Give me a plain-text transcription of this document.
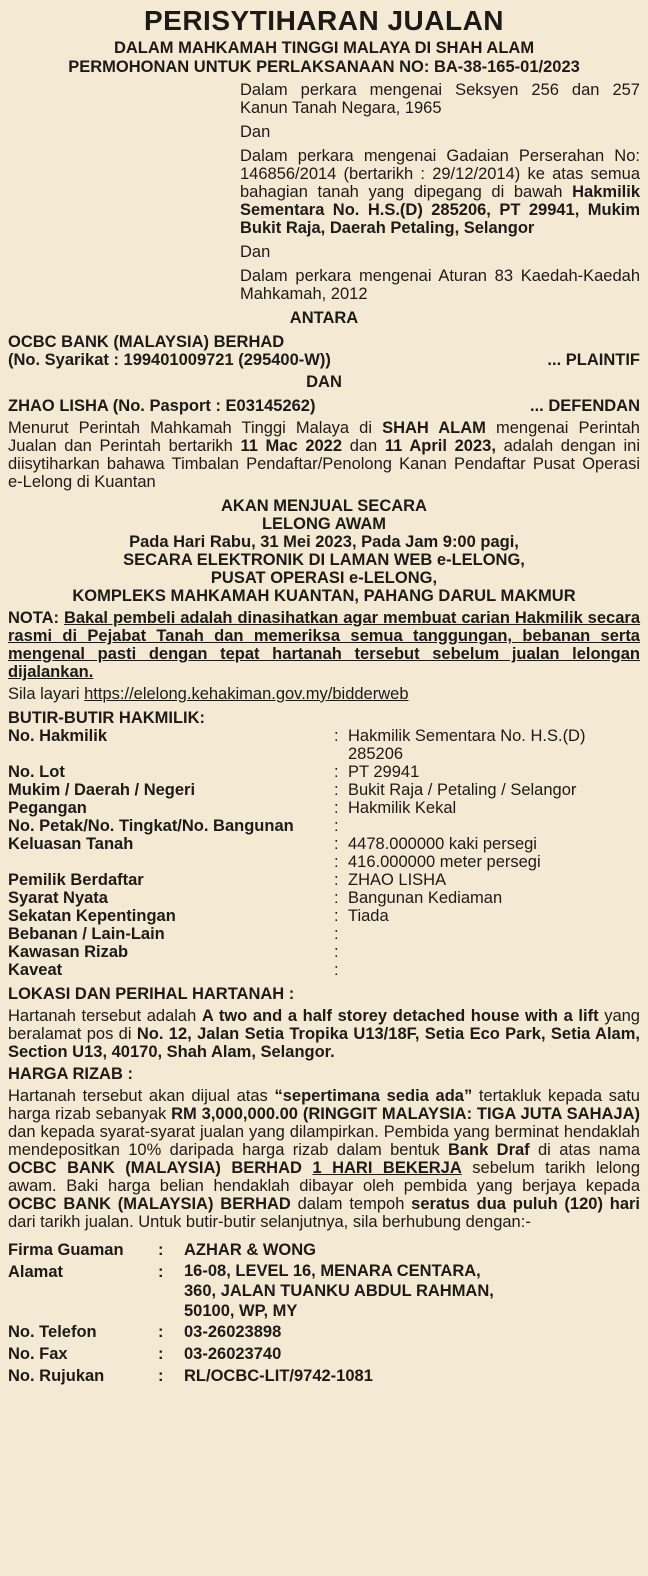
PERISYTIHARAN JUALAN
DALAM MAHKAMAH TINGGI MALAYA DI SHAH ALAM
PERMOHONAN UNTUK PERLAKSANAAN NO: BA-38-165-01/2023

Dalam perkara mengenai Seksyen 256 dan 257 Kanun Tanah Negara, 1965

Dan

Dalam perkara mengenai Gadaian Perserahan No: 146856/2014 (bertarikh : 29/12/2014) ke atas semua bahagian tanah yang dipegang di bawah Hakmilik Sementara No. H.S.(D) 285206, PT 29941, Mukim Bukit Raja, Daerah Petaling, Selangor

Dan

Dalam perkara mengenai Aturan 83 Kaedah-Kaedah Mahkamah, 2012

ANTARA
OCBC BANK (MALAYSIA) BERHAD
(No. Syarikat : 199401009721 (295400-W))	... PLAINTIF
DAN
ZHAO LISHA (No. Pasport : E03145262)	... DEFENDAN
Menurut Perintah Mahkamah Tinggi Malaya di SHAH ALAM mengenai Perintah Jualan dan Perintah bertarikh 11 Mac 2022 dan 11 April 2023, adalah dengan ini diisytiharkan bahawa Timbalan Pendaftar/Penolong Kanan Pendaftar Pusat Operasi e-Lelong di Kuantan
AKAN MENJUAL SECARA
LELONG AWAM
Pada Hari Rabu, 31 Mei 2023, Pada Jam 9:00 pagi,
SECARA ELEKTRONIK DI LAMAN WEB e-LELONG,
PUSAT OPERASI e-LELONG,
KOMPLEKS MAHKAMAH KUANTAN, PAHANG DARUL MAKMUR
NOTA: Bakal pembeli adalah dinasihatkan agar membuat carian Hakmilik secara rasmi di Pejabat Tanah dan memeriksa semua tanggungan, bebanan serta mengenal pasti dengan tepat hartanah tersebut sebelum jualan lelongan dijalankan.
Sila layari https://elelong.kehakiman.gov.my/bidderweb
BUTIR-BUTIR HAKMILIK:
No. Hakmilik	: Hakmilik Sementara No. H.S.(D)
285206
No. Lot	: PT 29941
Mukim / Daerah / Negeri	: Bukit Raja / Petaling / Selangor
Pegangan	: Hakmilik Kekal
No. Petak/No. Tingkat/No. Bangunan	:
Keluasan Tanah	: 4478.000000 kaki persegi
: 416.000000 meter persegi
Pemilik Berdaftar	: ZHAO LISHA
Syarat Nyata	: Bangunan Kediaman
Sekatan Kepentingan	: Tiada
Bebanan / Lain-Lain	:
Kawasan Rizab	:
Kaveat	:
LOKASI DAN PERIHAL HARTANAH :
Hartanah tersebut adalah A two and a half storey detached house with a lift yang beralamat pos di No. 12, Jalan Setia Tropika U13/18F, Setia Eco Park, Setia Alam, Section U13, 40170, Shah Alam, Selangor.
HARGA RIZAB :
Hartanah tersebut akan dijual atas “sepertimana sedia ada” tertakluk kepada satu harga rizab sebanyak RM 3,000,000.00 (RINGGIT MALAYSIA: TIGA JUTA SAHAJA) dan kepada syarat-syarat jualan yang dilampirkan. Pembida yang berminat hendaklah mendepositkan 10% daripada harga rizab dalam bentuk Bank Draf di atas nama OCBC BANK (MALAYSIA) BERHAD 1 HARI BEKERJA sebelum tarikh lelong awam. Baki harga belian hendaklah dibayar oleh pembida yang berjaya kepada OCBC BANK (MALAYSIA) BERHAD dalam tempoh seratus dua puluh (120) hari dari tarikh jualan. Untuk butir-butir selanjutnya, sila berhubung dengan:-
Firma Guaman	:	AZHAR & WONG
Alamat	:	16-08, LEVEL 16, MENARA CENTARA,
360, JALAN TUANKU ABDUL RAHMAN,
50100, WP, MY
No. Telefon	:	03-26023898
No. Fax	:	03-26023740
No. Rujukan	:	RL/OCBC-LIT/9742-1081
